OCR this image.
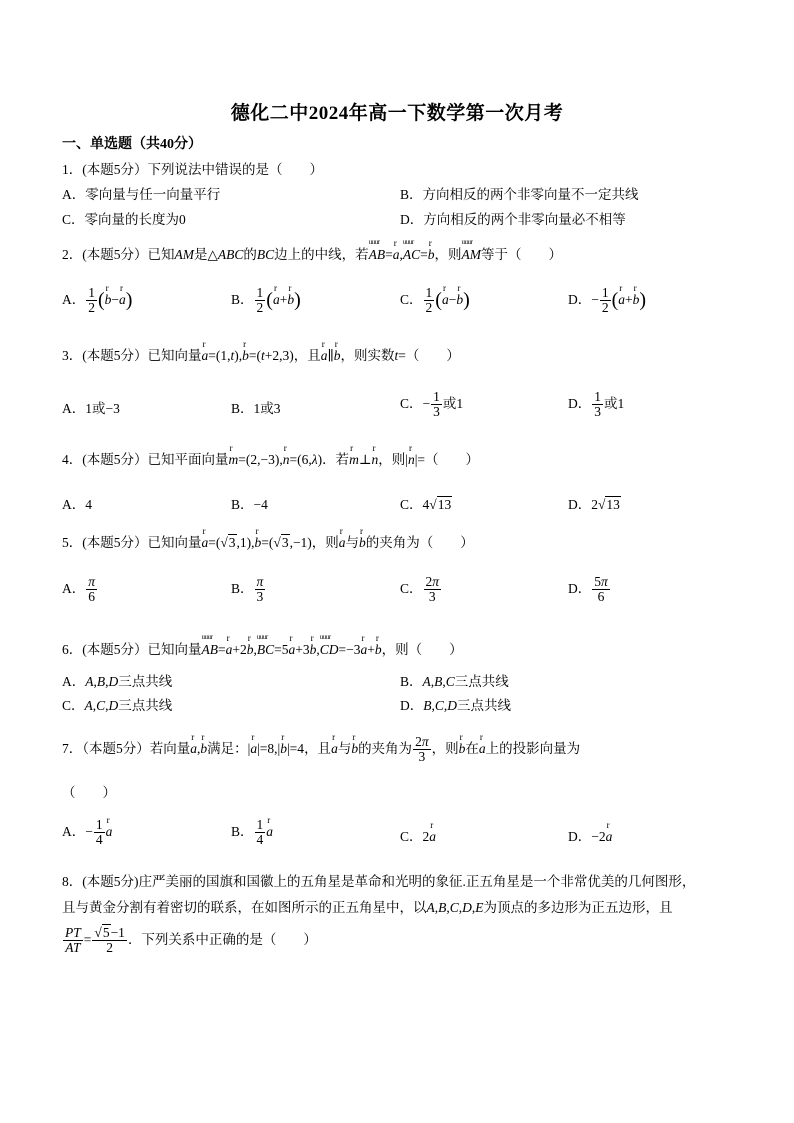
德化二中2024年高一下数学第一次月考
一、单选题（共40分）
1．(本题5分）下列说法中错误的是（　　）
A．零向量与任一向量平行	B．方向相反的两个非零向量不一定共线
C．零向量的长度为0	D．方向相反的两个非零向量必不相等
2．(本题5分）已知AM是△ABC的BC边上的中线，若uuur AB=r a,uuur AC=r b，则uuur AM等于（　　）
A． $\frac{1}{2} (r$ b−r a)	B． $\frac{1}{2} (r$ a+r b)	C． $\frac{1}{2} (r$ a−r b)	D．− $\frac{1}{2} (r$ a+r b)
3．(本题5分）已知向量r a=(1,t),r b=(t+2,3)，且r a∥r b，则实数t=（　　）
A．1或−3	B．1或3	C．− $\frac{1}{3}$ 或1	D． $\frac{1}{3}$ 或1
4．(本题5分）已知平面向量r m=(2,−3),r n=(6,λ)．若r m⊥r n，则|r n|=（　　）
A．4	B．−4	C．4√13	D．2√13
5．(本题5分）已知向量r a=(√3,1),r b=(√3,−1)，则r a与r b的夹角为（　　）
A． $\frac{\pi}{6}$	B． $\frac{\pi}{3}$	C． $\frac{2\pi}{3}$	D． $\frac{5\pi}{6}$
6．(本题5分）已知向量uuur AB=r a+2r b,uuur BC=5r a+3r b,uuur CD=−3r a+r b，则（　　）
A．A,B,D三点共线	B．A,B,C三点共线
C．A,C,D三点共线	D．B,C,D三点共线
7．（本题5分）若向量r a,r b满足：|r a|=8,|r b|=4，且r a与r b的夹角为 $\frac{2\pi}{3}$ ，则r b在r a上的投影向量为
（　　）
A．− $\frac{1}{4}$ r a	B． $\frac{1}{4}$ r a	C．2r a	D．−2r a
8．(本题5分)庄严美丽的国旗和国徽上的五角星是革命和光明的象征.正五角星是一个非常优美的几何图形，
且与黄金分割有着密切的联系，在如图所示的正五角星中，以A,B,C,D,E为顶点的多边形为正五边形，且
$\frac{PT}{AT} = \frac{√5-1}{2}$ ．下列关系中正确的是（　　）
